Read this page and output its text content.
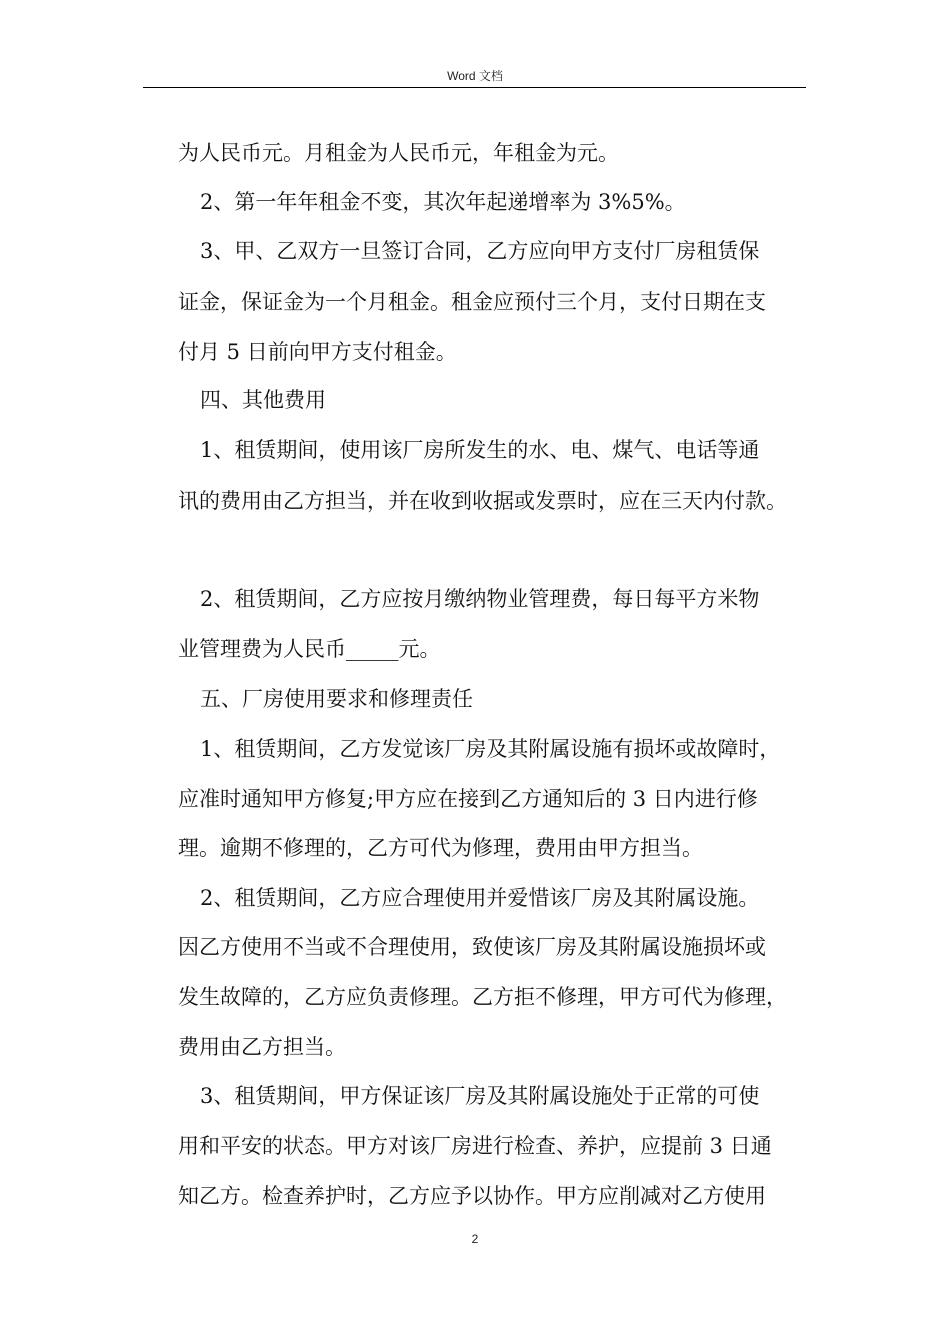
Word 文档
为人民币元。月租金为人民币元，年租金为元。
2、第一年年租金不变，其次年起递增率为 3%5%。
3、甲、乙双方一旦签订合同，乙方应向甲方支付厂房租赁保
证金，保证金为一个月租金。租金应预付三个月，支付日期在支
付月 5 日前向甲方支付租金。
四、其他费用
1、租赁期间，使用该厂房所发生的水、电、煤气、电话等通
讯的费用由乙方担当，并在收到收据或发票时，应在三天内付款。
2、租赁期间，乙方应按月缴纳物业管理费，每日每平方米物
业管理费为人民币_____元。
五、厂房使用要求和修理责任
1、租赁期间，乙方发觉该厂房及其附属设施有损坏或故障时，
应准时通知甲方修复;甲方应在接到乙方通知后的 3 日内进行修
理。逾期不修理的，乙方可代为修理，费用由甲方担当。
2、租赁期间，乙方应合理使用并爱惜该厂房及其附属设施。
因乙方使用不当或不合理使用，致使该厂房及其附属设施损坏或
发生故障的，乙方应负责修理。乙方拒不修理，甲方可代为修理，
费用由乙方担当。
3、租赁期间，甲方保证该厂房及其附属设施处于正常的可使
用和平安的状态。甲方对该厂房进行检查、养护，应提前 3 日通
知乙方。检查养护时，乙方应予以协作。甲方应削减对乙方使用
2
